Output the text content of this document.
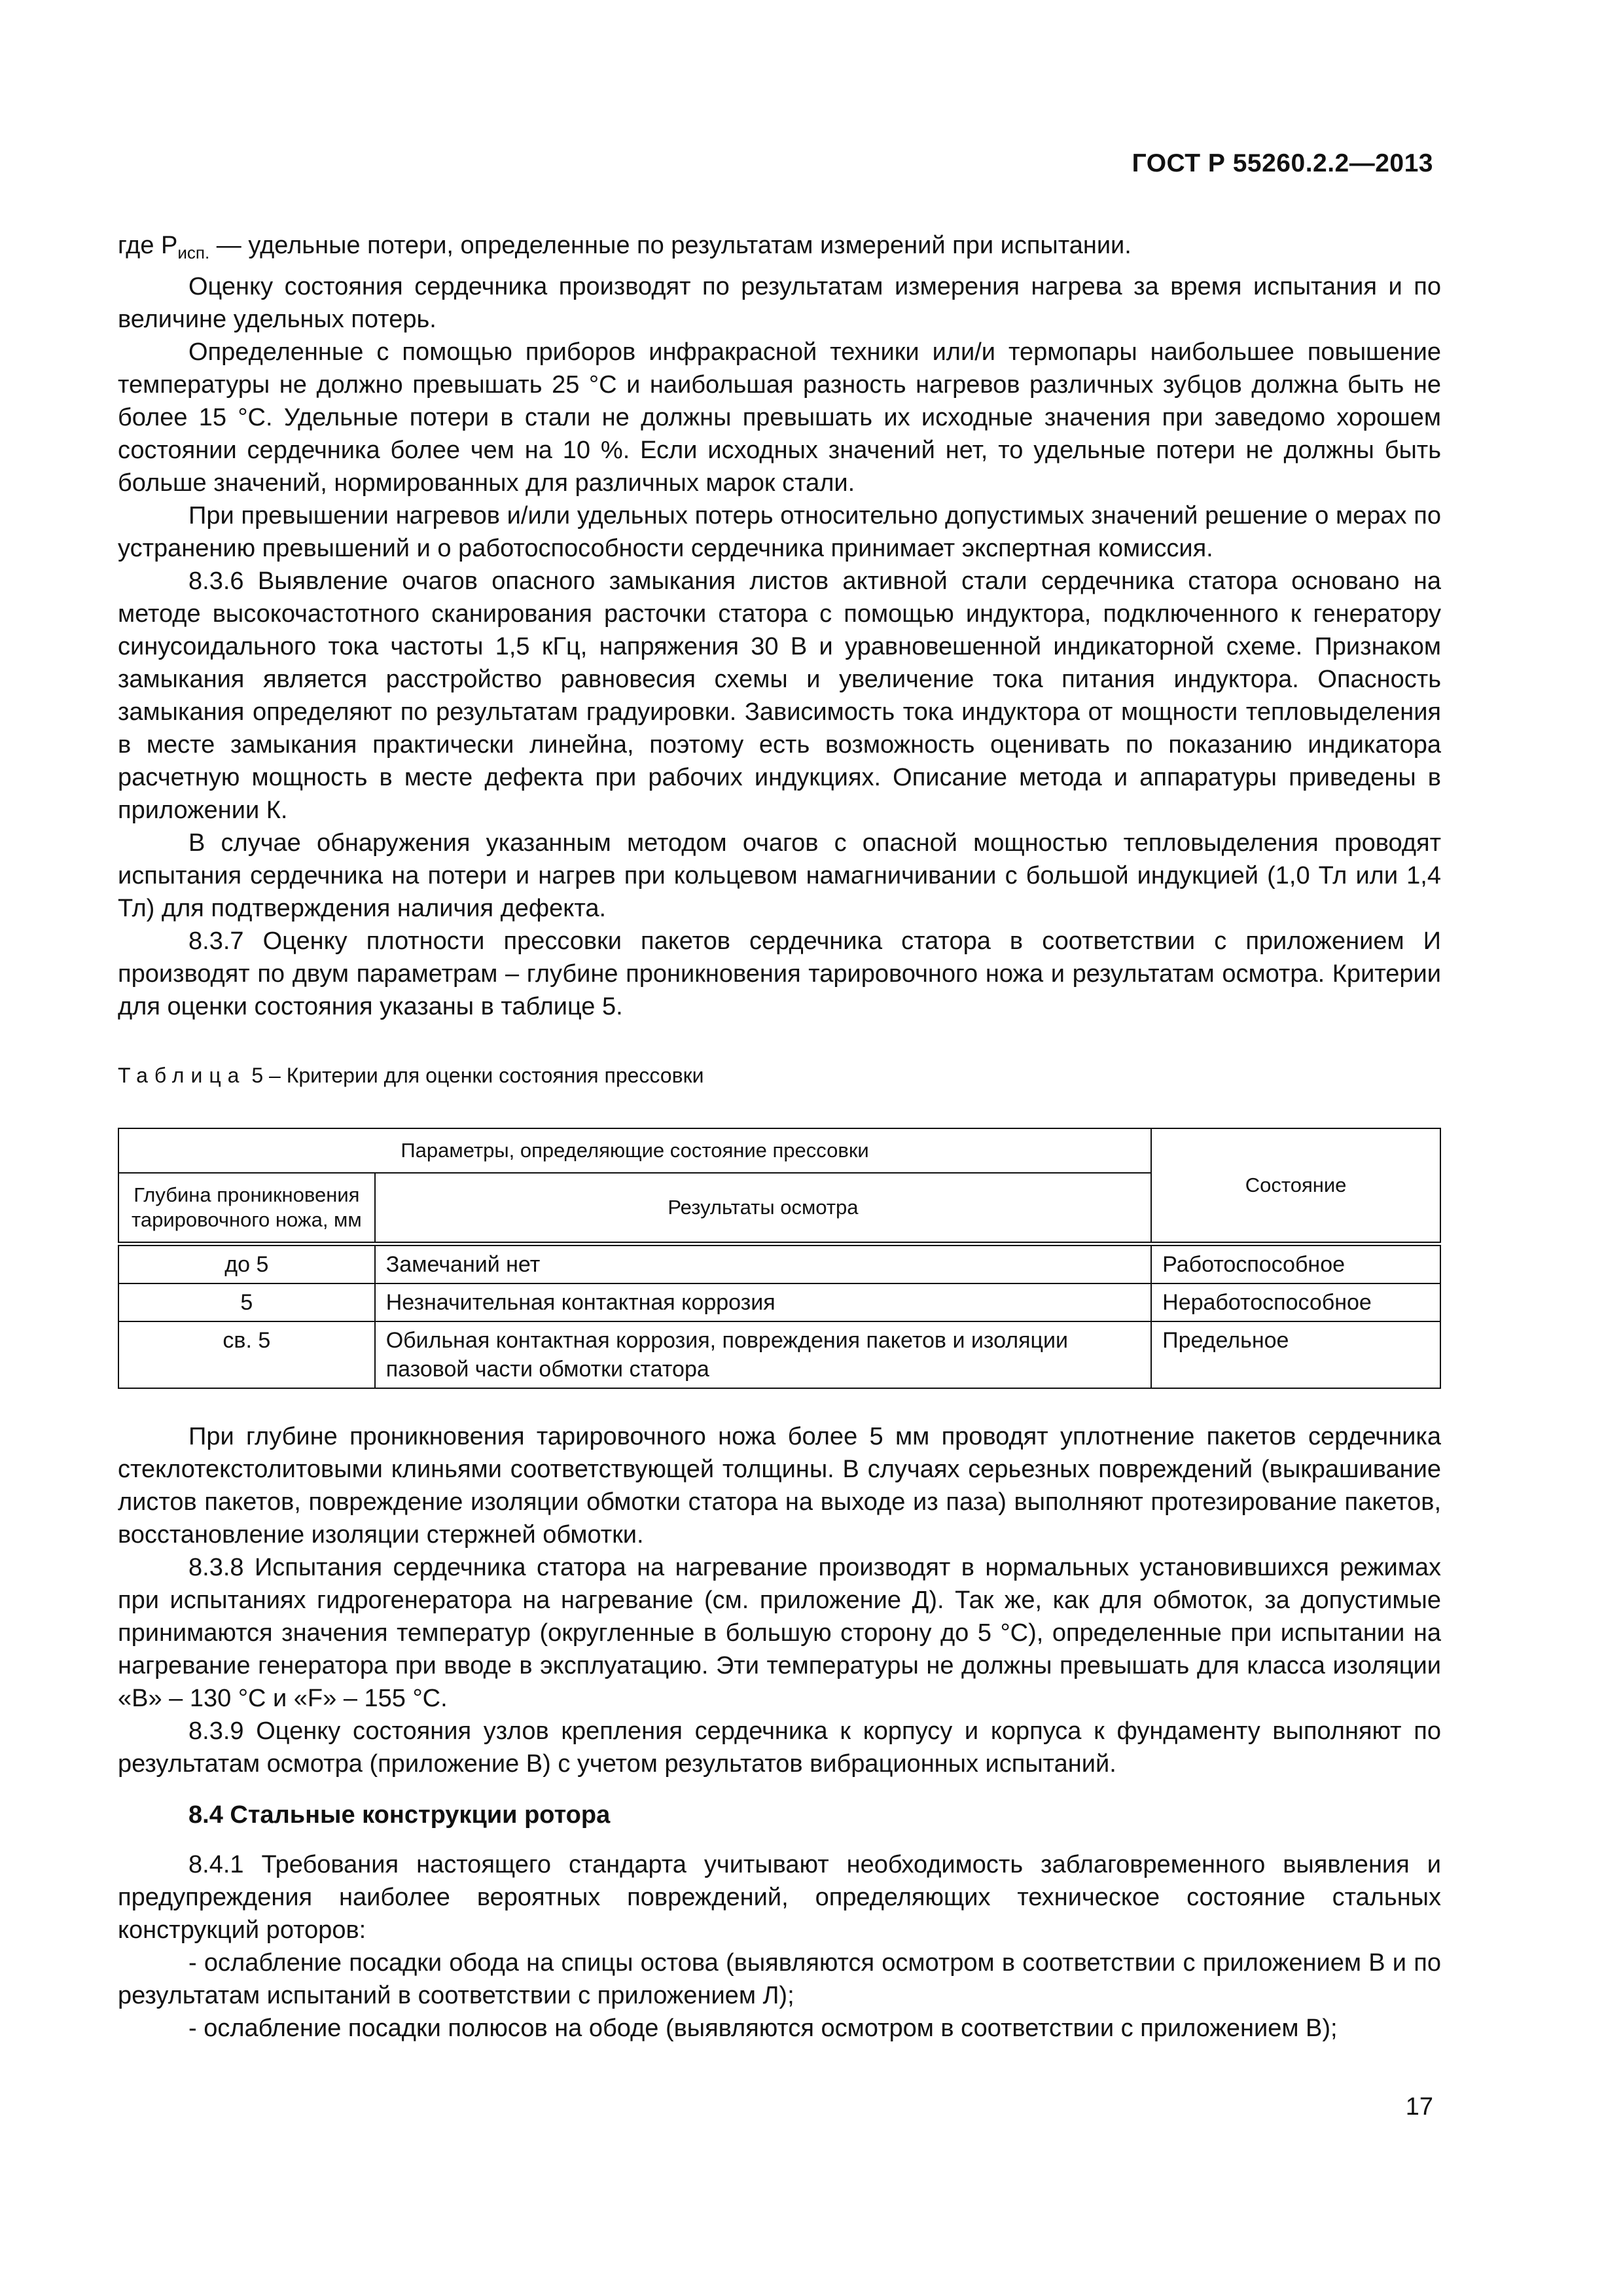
ГОСТ Р 55260.2.2—2013

где $P_{исп.}$ — удельные потери, определенные по результатам измерений при испытании.

Оценку состояния сердечника производят по результатам измерения нагрева за время испытания и по величине удельных потерь.

Определенные с помощью приборов инфракрасной техники или/и термопары наибольшее повышение температуры не должно превышать 25 °С и наибольшая разность нагревов различных зубцов должна быть не более 15 °С. Удельные потери в стали не должны превышать их исходные значения при заведомо хорошем состоянии сердечника более чем на 10 %. Если исходных значений нет, то удельные потери не должны быть больше значений, нормированных для различных марок стали.

При превышении нагревов и/или удельных потерь относительно допустимых значений решение о мерах по устранению превышений и о работоспособности сердечника принимает экспертная комиссия.

8.3.6 Выявление очагов опасного замыкания листов активной стали сердечника статора основано на методе высокочастотного сканирования расточки статора с помощью индуктора, подключенного к генератору синусоидального тока частоты 1,5 кГц, напряжения 30 В и уравновешенной индикаторной схеме. Признаком замыкания является расстройство равновесия схемы и увеличение тока питания индуктора. Опасность замыкания определяют по результатам градуировки. Зависимость тока индуктора от мощности тепловыделения в месте замыкания практически линейна, поэтому есть возможность оценивать по показанию индикатора расчетную мощность в месте дефекта при рабочих индукциях. Описание метода и аппаратуры приведены в приложении К.

В случае обнаружения указанным методом очагов с опасной мощностью тепловыделения проводят испытания сердечника на потери и нагрев при кольцевом намагничивании с большой индукцией (1,0 Тл или 1,4 Тл) для подтверждения наличия дефекта.

8.3.7 Оценку плотности прессовки пакетов сердечника статора в соответствии с приложением И производят по двум параметрам – глубине проникновения тарировочного ножа и результатам осмотра. Критерии для оценки состояния указаны в таблице 5.

Таблица 5 – Критерии для оценки состояния прессовки
Параметры, определяющие состояние прессовки		Состояние
Глубина проникновения тарировочного ножа, мм	Результаты осмотра	
до 5	Замечаний нет	Работоспособное
5	Незначительная контактная коррозия	Неработоспособное
св. 5	Обильная контактная коррозия, повреждения пакетов и изоляции пазовой части обмотки статора	Предельное

При глубине проникновения тарировочного ножа более 5 мм проводят уплотнение пакетов сердечника стеклотекстолитовыми клиньями соответствующей толщины. В случаях серьезных повреждений (выкрашивание листов пакетов, повреждение изоляции обмотки статора на выходе из паза) выполняют протезирование пакетов, восстановление изоляции стержней обмотки.

8.3.8 Испытания сердечника статора на нагревание производят в нормальных установившихся режимах при испытаниях гидрогенератора на нагревание (см. приложение Д). Так же, как для обмоток, за допустимые принимаются значения температур (округленные в большую сторону до 5 °С), определенные при испытании на нагревание генератора при вводе в эксплуатацию. Эти температуры не должны превышать для класса изоляции «В» – 130 °С и «F» – 155 °С.

8.3.9 Оценку состояния узлов крепления сердечника к корпусу и корпуса к фундаменту выполняют по результатам осмотра (приложение В) с учетом результатов вибрационных испытаний.

8.4 Стальные конструкции ротора

8.4.1 Требования настоящего стандарта учитывают необходимость заблаговременного выявления и предупреждения наиболее вероятных повреждений, определяющих техническое состояние стальных конструкций роторов:

- ослабление посадки обода на спицы остова (выявляются осмотром в соответствии с приложением В и по результатам испытаний в соответствии с приложением Л);

- ослабление посадки полюсов на ободе (выявляются осмотром в соответствии с приложением В);

17
